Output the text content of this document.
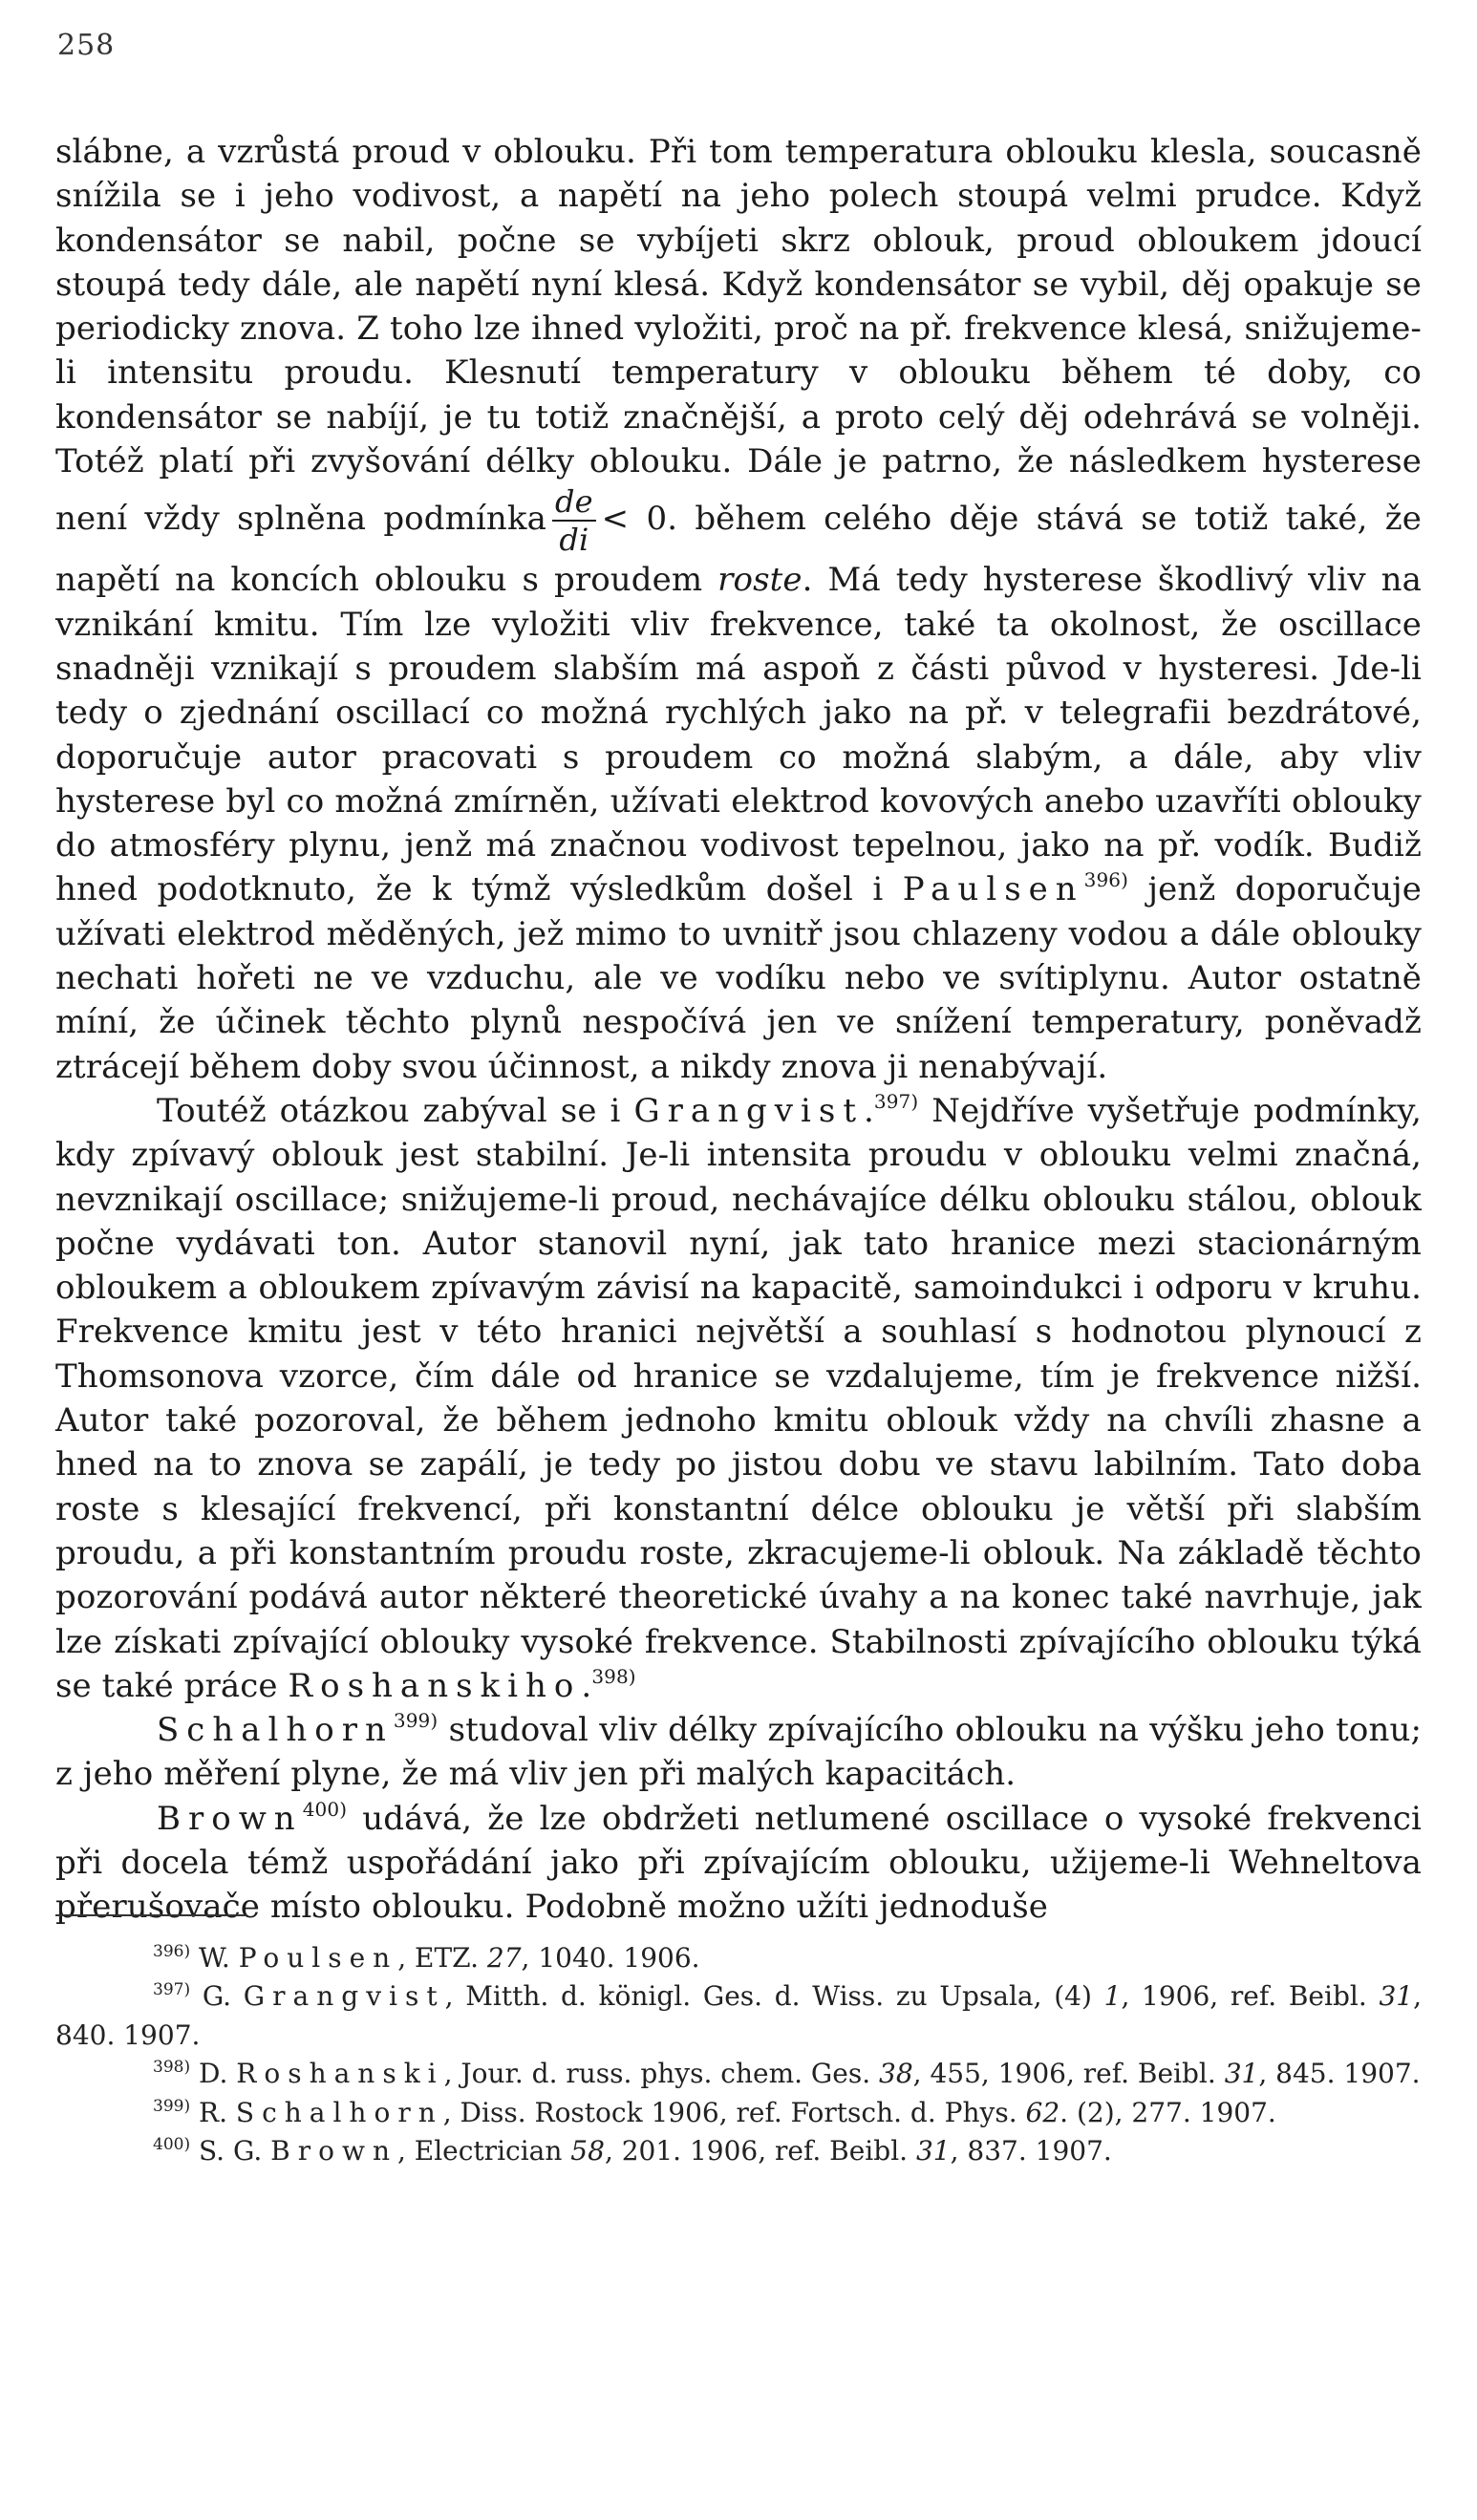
258

slábne, a vzrůstá proud v oblouku. Při tom temperatura oblouku klesla, soucasně snížila se i jeho vodivost, a napětí na jeho polech stoupá velmi prudce. Když kondensátor se nabil, počne se vybíjeti skrz oblouk, proud obloukem jdoucí stoupá tedy dále, ale napětí nyní klesá. Když kondensátor se vybil, děj opakuje se periodicky znova. Z toho lze ihned vyložiti, proč na př. frekvence klesá, snižujeme-li intensitu proudu. Klesnutí temperatury v oblouku během té doby, co kondensátor se nabíjí, je tu totiž značnější, a proto celý děj odehrává se volněji. Totéž platí při zvyšování délky oblouku. Dále je patrno, že následkem hysterese není vždy splněna podmínka $\frac{de}{di} < 0$. během celého děje stává se totiž také, že napětí na koncích oblouku s proudem roste. Má tedy hysterese škodlivý vliv na vznikání kmitu. Tím lze vyložiti vliv frekvence, také ta okolnost, že oscillace snadněji vznikají s proudem slabším má aspoň z části původ v hysteresi. Jde-li tedy o zjednání oscillací co možná rychlých jako na př. v telegrafii bezdrátové, doporučuje autor pracovati s proudem co možná slabým, a dále, aby vliv hysterese byl co možná zmírněn, užívati elektrod kovových anebo uzavříti oblouky do atmosféry plynu, jenž má značnou vodivost tepelnou, jako na př. vodík. Budiž hned podotknuto, že k týmž výsledkům došel i Paulsen$^{396)}$ jenž doporučuje užívati elektrod měděných, jež mimo to uvnitř jsou chlazeny vodou a dále oblouky nechati hořeti ne ve vzduchu, ale ve vodíku nebo ve svítiplynu. Autor ostatně míní, že účinek těchto plynů nespočívá jen ve snížení temperatury, poněvadž ztrácejí během doby svou účinnost, a nikdy znova ji nenabývají.

Toutéž otázkou zabýval se i Grangvist.$^{397)}$ Nejdříve vyšetřuje podmínky, kdy zpívavý oblouk jest stabilní. Je-li intensita proudu v oblouku velmi značná, nevznikají oscillace; snižujeme-li proud, nechávajíce délku oblouku stálou, oblouk počne vydávati ton. Autor stanovil nyní, jak tato hranice mezi stacionárným obloukem a obloukem zpívavým závisí na kapacitě, samoindukci i odporu v kruhu. Frekvence kmitu jest v této hranici největší a souhlasí s hodnotou plynoucí z Thomsonova vzorce, čím dále od hranice se vzdalujeme, tím je frekvence nižší. Autor také pozoroval, že během jednoho kmitu oblouk vždy na chvíli zhasne a hned na to znova se zapálí, je tedy po jistou dobu ve stavu labilním. Tato doba roste s klesající frekvencí, při konstantní délce oblouku je větší při slabším proudu, a při konstantním proudu roste, zkracujeme-li oblouk. Na základě těchto pozorování podává autor některé theoretické úvahy a na konec také navrhuje, jak lze získati zpívající oblouky vysoké frekvence. Stabilnosti zpívajícího oblouku týká se také práce Roshanskiho.$^{398)}$

Schalhorn$^{399)}$ studoval vliv délky zpívajícího oblouku na výšku jeho tonu; z jeho měření plyne, že má vliv jen při malých kapacitách.

Brown$^{400)}$ udává, že lze obdržeti netlumené oscillace o vysoké frekvenci při docela témž uspořádání jako při zpívajícím oblouku, užijeme-li Wehneltova přerušovače místo oblouku. Podobně možno užíti jednoduše

$^{396)}$ W. Poulsen, ETZ. 27, 1040. 1906.

$^{397)}$ G. Grangvist, Mitth. d. königl. Ges. d. Wiss. zu Upsala, (4) 1, 1906, ref. Beibl. 31, 840. 1907.

$^{398)}$ D. Roshanski, Jour. d. russ. phys. chem. Ges. 38, 455, 1906, ref. Beibl. 31, 845. 1907.

$^{399)}$ R. Schalhorn, Diss. Rostock 1906, ref. Fortsch. d. Phys. 62. (2), 277. 1907.

$^{400)}$ S. G. Brown, Electrician 58, 201. 1906, ref. Beibl. 31, 837. 1907.
